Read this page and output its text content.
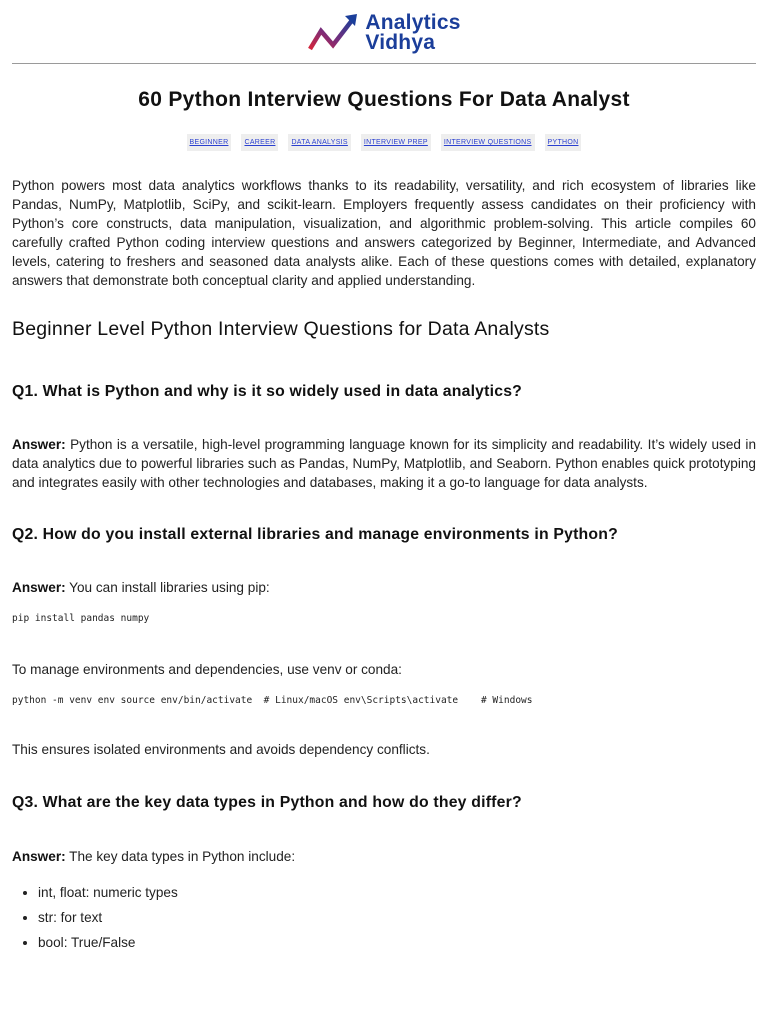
Analytics
Vidhya
60 Python Interview Questions For Data Analyst
BEGINNER	CAREER	DATA ANALYSIS	INTERVIEW PREP	INTERVIEW QUESTIONS	PYTHON

Python powers most data analytics workflows thanks to its readability, versatility, and rich ecosystem of libraries like Pandas, NumPy, Matplotlib, SciPy, and scikit-learn. Employers frequently assess candidates on their proficiency with Python’s core constructs, data manipulation, visualization, and algorithmic problem-solving. This article compiles 60 carefully crafted Python coding interview questions and answers categorized by Beginner, Intermediate, and Advanced levels, catering to freshers and seasoned data analysts alike. Each of these questions comes with detailed, explanatory answers that demonstrate both conceptual clarity and applied understanding.

Beginner Level Python Interview Questions for Data Analysts
Q1. What is Python and why is it so widely used in data analytics?

Answer: Python is a versatile, high-level programming language known for its simplicity and readability. It’s widely used in data analytics due to powerful libraries such as Pandas, NumPy, Matplotlib, and Seaborn. Python enables quick prototyping and integrates easily with other technologies and databases, making it a go-to language for data analysts.

Q2. How do you install external libraries and manage environments in Python?

Answer: You can install libraries using pip:

pip install pandas numpy

To manage environments and dependencies, use venv or conda:

python -m venv env source env/bin/activate  # Linux/macOS env\Scripts\activate    # Windows

This ensures isolated environments and avoids dependency conflicts.

Q3. What are the key data types in Python and how do they differ?

Answer: The key data types in Python include:

• int, float: numeric types
• str: for text
• bool: True/False
